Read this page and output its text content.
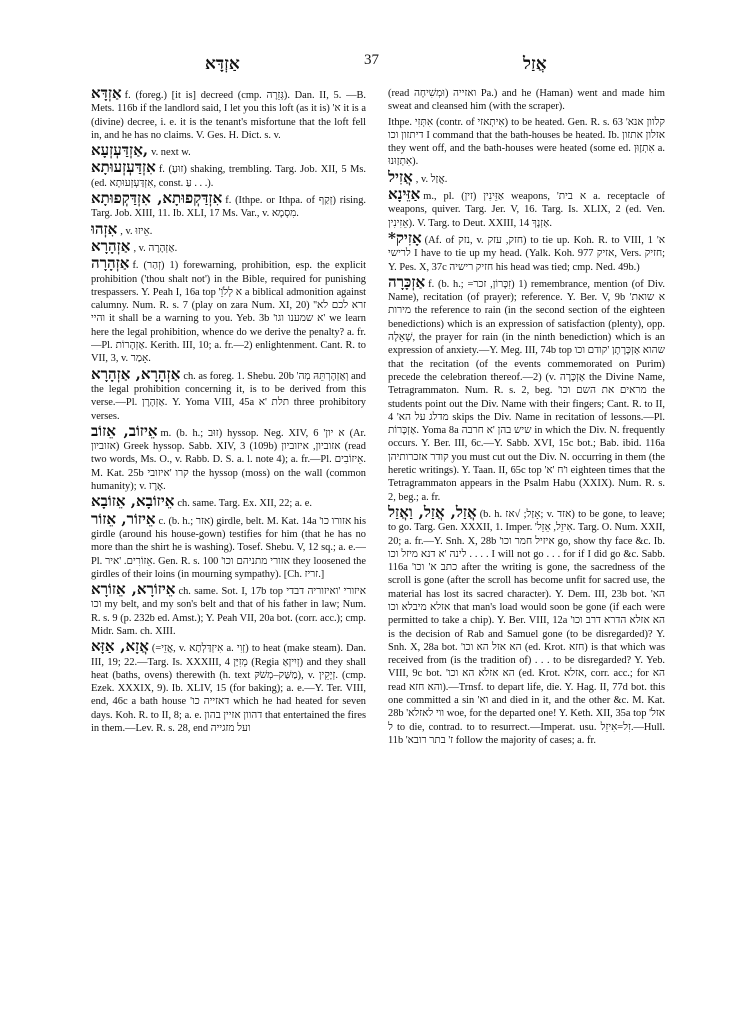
אַזְדָּא	37	אֲזַל

אַזְדָּא f. (foreg.) [it is] decreed (cmp. גְּזֵרָה). Dan. II, 5. —B. Mets. 116b if the landlord said, I let you this loft (as it is) 'א it is a (divine) decree, i. e. it is the tenant's misfortune that the loft fell in, and he has no claims. V. Ges. H. Dict. s. v.

אַזְדַּעְזְעָא, v. next w.

אִזְדַּעְזְעוּתָא f. (זוּעַ) shaking, trembling. Targ. Job. XII, 5 Ms. (ed. אִזְדַּעְזְעוּתָא, const. עַּ . . .).

אִזְדַּקְפוּתָא, אִזְדַּקְפוּתָא f. (Ithpe. or Ithpa. of זְקַף) rising. Targ. Job. XIII, 11. Ib. XLI, 17 Ms. Var., v. מִסְמָא.

אִזְהוּ , v. אֵיזוּ.

אַזְהָרָא , v. אַזְהָרָה.

אַזְהָרָה f. (זְהַר) 1) forewarning, prohibition, esp. the explicit prohibition ('thou shalt not') in the Bible, required for punishing trespassers. Y. Peah I, 16a top 'א לְלֹוֵ a biblical admonition against calumny. Num. R. s. 7 (play on zara Num. XI, 20) 'זרא לכם לא' והיי it shall be a warning to you. Yeb. 3b 'א שמענו וגו' we learn here the legal prohibition, whence do we derive the penalty? a. fr.—Pl. אַזְהָרוֹת. Kerith. III, 10; a. fr.—2) enlightenment. Cant. R. to VII, 3, v. אָמַר.

אַזְהָרָא, אַזְהָרָא ch. as foreg. 1. Shebu. 20b 'וְאַזְהָרְתֵּהּ מְה and the legal prohibition concerning it, is to be derived from this verse.—Pl. אַזְהָרָן. Y. Yoma VIII, 45a תלת 'א three prohibitory verses.

אֵיזוֹב, אֵזוֹב m. (b. h.; זוּב) hyssop. Neg. XIV, 6 'א יון (Ar. אזוביון) Greek hyssop. Sabb. XIV, 3 (109b) אזוביון, איזוביון (read two words, Ms. O., v. Rabb. D. S. a. l. note 4); a. fr.—Pl. אֵיזוֹבִים. M. Kat. 25b קרו 'איזובי the hyssop (moss) on the wall (common humanity); v. אֶרֶז.

אֵיזוֹבָא, אֵזוֹבָא ch. same. Targ. Ex. XII, 22; a. e.

אֵיזוֹר, אֵזוֹר c. (b. h.; אזר) girdle, belt. M. Kat. 14a 'אזורו כו his girdle (around his house-gown) testifies for him (that he has no more than the shirt he is washing). Tosef. Shebu. V, 12 sq.; a. e.—Pl. אֵזוֹרִים. 'איר. Gen. R. s. 100 'אזורי מתניהם וכו they loosened the girdles of their loins (in mourning sympathy). [Ch. זריז.]

אֵיזוֹרָא, אֵזוֹרָא ch. same. Sot. I, 17b top איזורי 'ואיזוריה דבדי וכו my belt, and my son's belt and that of his father in law; Num. R. s. 9 (p. 232b ed. Amst.); Y. Peah VII, 20a bot. (corr. acc.); cmp. Midr. Sam. ch. XIII.

אֲזָא, אַזָּא (=אֲזֵי, v. אִיזְדַּלְתָא a. זְוִי) to heat (make steam). Dan. III, 19; 22.—Targ. Is. XXXIII, 4 מְזִיַּן (Regia זְיִיןאַ) and they shall heat (baths, ovens) therewith (h. text מַשַּׁק–מְשֹׁקּ), v. זְיָקֵין. (cmp. Ezek. XXXIX, 9). Ib. XLIV, 15 (for baking); a. e.—Y. Ter. VIII, end, 46c a bath house 'דאזייה כו which he had heated for seven days. Koh. R. to II, 8; a. e. דהוון אזיין בהון that entertained the fires in them.—Lev. R. s. 28, end ועל מזגייה

(read וּמְשִׁיחָה) ואזייה Pa.) and he (Haman) went and made him sweat and cleansed him (with the scraper).

Ithpe. אִתְּזִי (contr. of אִיתְאזי) to be heated. Gen. R. s. 63 'קלוון אנא דיתזון וכו I command that the bath-houses be heated. Ib. אזלון אתזון they went off, and the bath-houses were heated (some ed. אִתְזָוּן a. אִתְזַוּנוּ).

אֲזִיל , v. אֲזַל.

אַזֵּינָא m., pl. אַזֵּינִין (זין) weapons, 'א בית a. receptacle of weapons, quiver. Targ. Jer. V, 16. Targ. Is. XLIX, 2 (ed. Ven. אֵזִינִין). V. Targ. to Deut. XXIII, 14 אַזְנָךְ.

*אָזִיק (Af. of נזק, v. חזק, עזק) to tie up. Koh. R. to VIII, 1 'א לרישי I have to tie up my head. (Yalk. Koh. 977 אזיק, Vers. חזיק; Y. Pes. X, 37c חזיק רישיה his head was tied; cmp. Ned. 49b.)

אַזְכָּרָה f. (b. h.; =זִכָּרוֹן, זכר) 1) remembrance, mention (of Div. Name), recitation (of prayer); reference. Y. Ber. V, 9b 'א שואת מירות the reference to rain (in the second section of the eighteen benedictions) which is an expression of satisfaction (plenty), opp. שְׁאֵלָה, the prayer for rain (in the ninth benediction) which is an expression of anxiety.—Y. Meg. III, 74b top שהוא אַזְכָּרָתָן 'קודם וכו that the recitation (of the events commemorated on Purim) precede the celebration thereof.—2) (v. אַזְכָּרָה the Divine Name, Tetragrammaton. Num. R. s. 2, beg. 'מראים את השם וכו the students point out the Div. Name with their fingers; Cant. R. to II, 4 'מדלג על הא skips the Div. Name in recitation of lessons.—Pl. אַזְכָּרוֹת. Yoma 8a שיש בהן 'א חרבה in which the Div. N. frequently occurs. Y. Ber. III, 6c.—Y. Sabb. XVI, 15c bot.; Bab. ibid. 116a קודר אזכרותיהן you must cut out the Div. N. occurring in them (the heretic writings). Y. Taan. II, 65c top 'ו'ח 'א eighteen times that the Tetragrammaton appears in the Psalm Habu (XXIX). Num. R. s. 2, beg.; a. fr.

אֲזַל, אֲזַל, וַאֲזַל (b. h. אָזַל; √אז; v. אזד) to be gone, to leave; to go. Targ. Gen. XXXII, 1. Imper. 'אִיזֵל, אֵזֵל. Targ. O. Num. XXII, 20; a. fr.—Y. Snh. X, 28b 'איזיל חמר וכו go, show thy face &c. Ib. לינה 'א דנא מיזל וכו . . . . I will not go . . . for if I did go &c. Sabb. 116a 'כתב א' וכו after the writing is gone, the sacredness of the scroll is gone (after the scroll has become unfit for sacred use, the material has lost its sacred character). Y. Dem. III, 23b bot. 'הא אזלא מיבלא וכו that man's load would soon be gone (if each were permitted to take a chip). Y. Ber. VIII, 12a 'הא אזלא הדרא דרב וכו is the decision of Rab and Samuel gone (to be disregarded)? Y. Snh. X, 28a bot. 'הא אזל הא וכו (ed. Krot. חזא) is that which was received from (is the tradition of) . . . to be disregarded? Y. Yeb. VIII, 9c bot. 'הא אזלא הא וכו (ed. Krot. אזלא, corr. acc.; for הא read והא חזא).—Trnsf. to depart life, die. Y. Hag. II, 77d bot. this one committed a sin 'וא and died in it, and the other &c. M. Kat. 28b 'ווי לאזלא woe, for the departed one! Y. Keth. XII, 35a top 'אזל ל to die, contrad. to to resurrect.—Imperat. usu. זִל=אִיזֵל.—Hull. 11b 'ז' בתר רובא follow the majority of cases; a. fr.
